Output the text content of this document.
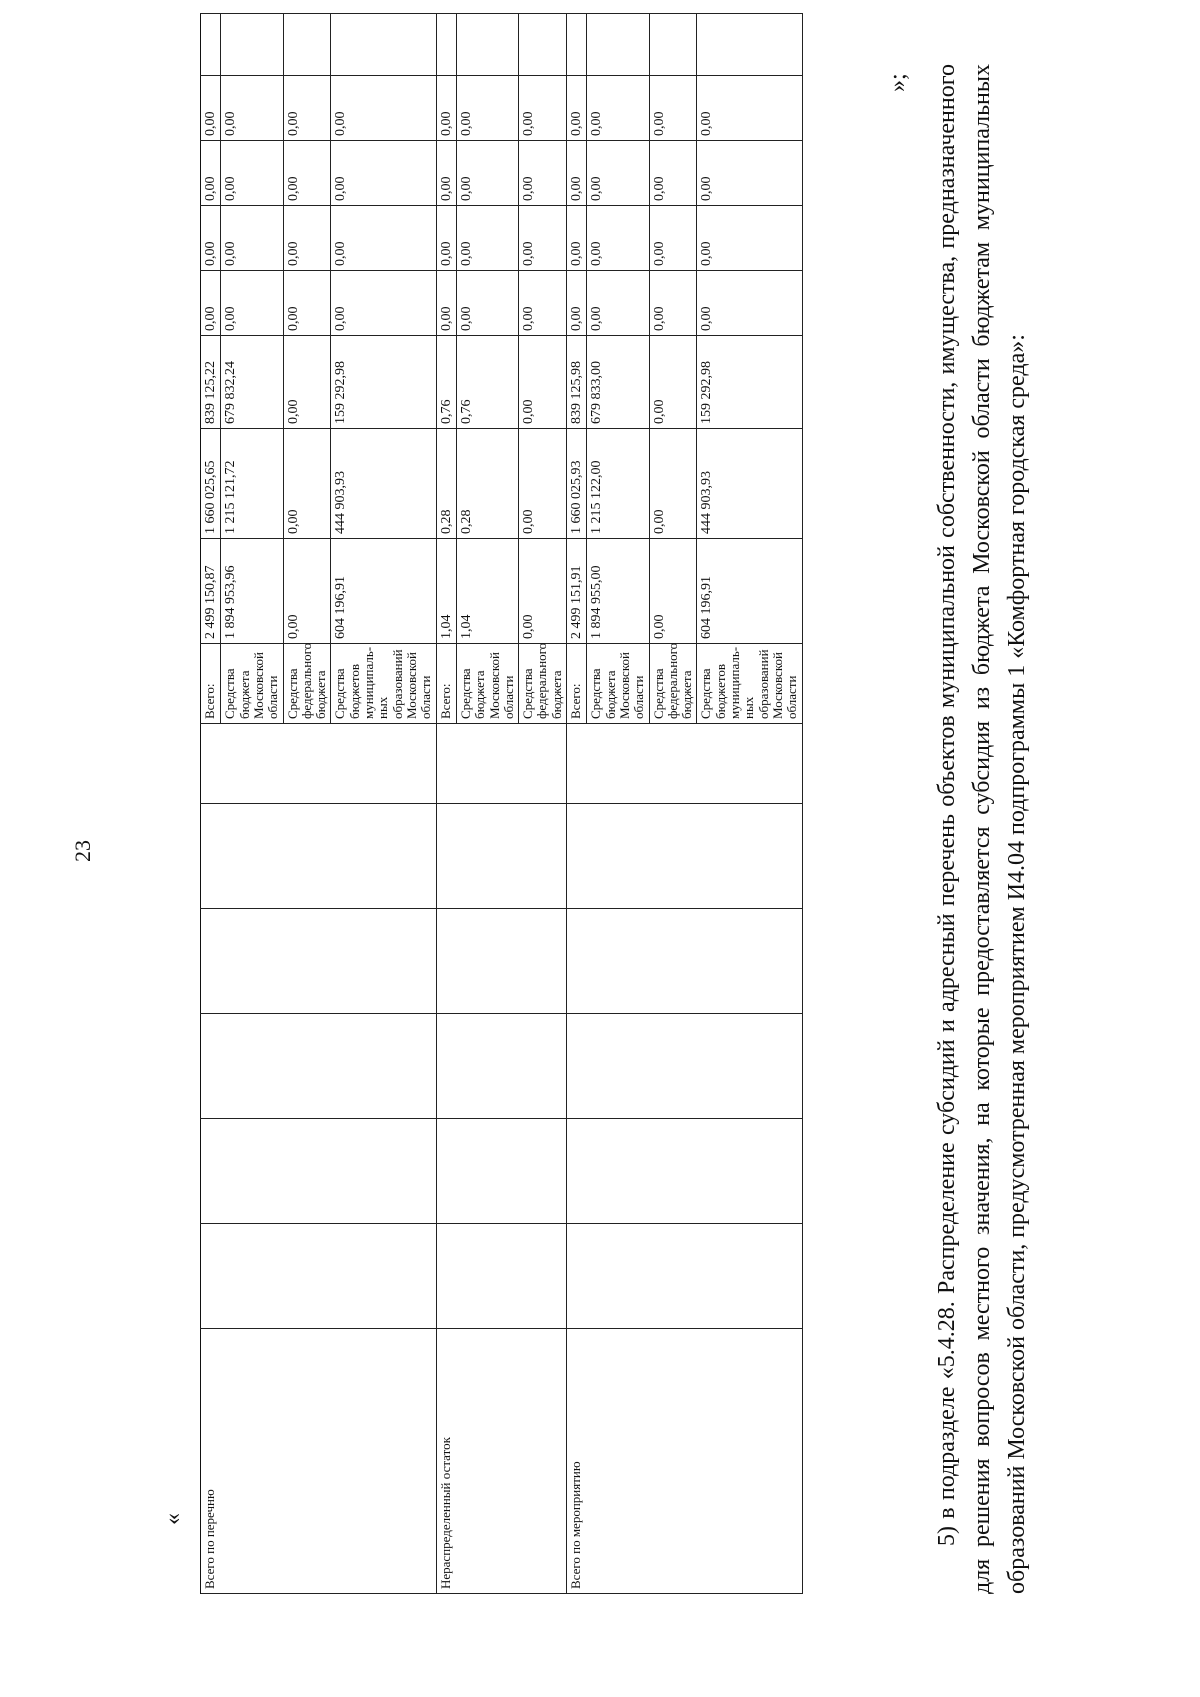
23
« Всего по перечню							Всего:	2 499 150,87	1 660 025,65	839 125,22	0,00	0,00	0,00	0,00	
							Средства бюджета Московской области	1 894 953,96	1 215 121,72	679 832,24	0,00	0,00	0,00	0,00	
							Средства федерального бюджета	0,00	0,00	0,00	0,00	0,00	0,00	0,00	
							Средства бюджетов муниципаль-ных образований Московской области	604 196,91	444 903,93	159 292,98	0,00	0,00	0,00	0,00	
Нераспределенный остаток							Всего:	1,04	0,28	0,76	0,00	0,00	0,00	0,00	
							Средства бюджета Московской области	1,04	0,28	0,76	0,00	0,00	0,00	0,00	
							Средства федерального бюджета	0,00	0,00	0,00	0,00	0,00	0,00	0,00	
Всего по мероприятию							Всего:	2 499 151,91	1 660 025,93	839 125,98	0,00	0,00	0,00	0,00	
							Средства бюджета Московской области	1 894 955,00	1 215 122,00	679 833,00	0,00	0,00	0,00	0,00	
							Средства федерального бюджета	0,00	0,00	0,00	0,00	0,00	0,00	0,00	
							Средства бюджетов муниципаль-ных образований Московской области	604 196,91	444 903,93	159 292,98	0,00	0,00	0,00	0,00	
»; 5) в подразделе «5.4.28. Распределение субсидий и адресный перечень объектов муниципальной собственности, имущества, предназначенного для решения вопросов местного значения, на которые предоставляется субсидия из бюджета Московской области бюджетам муниципальных образований Московской области, предусмотренная мероприятием И4.04 подпрограммы 1 «Комфортная городская среда»:
